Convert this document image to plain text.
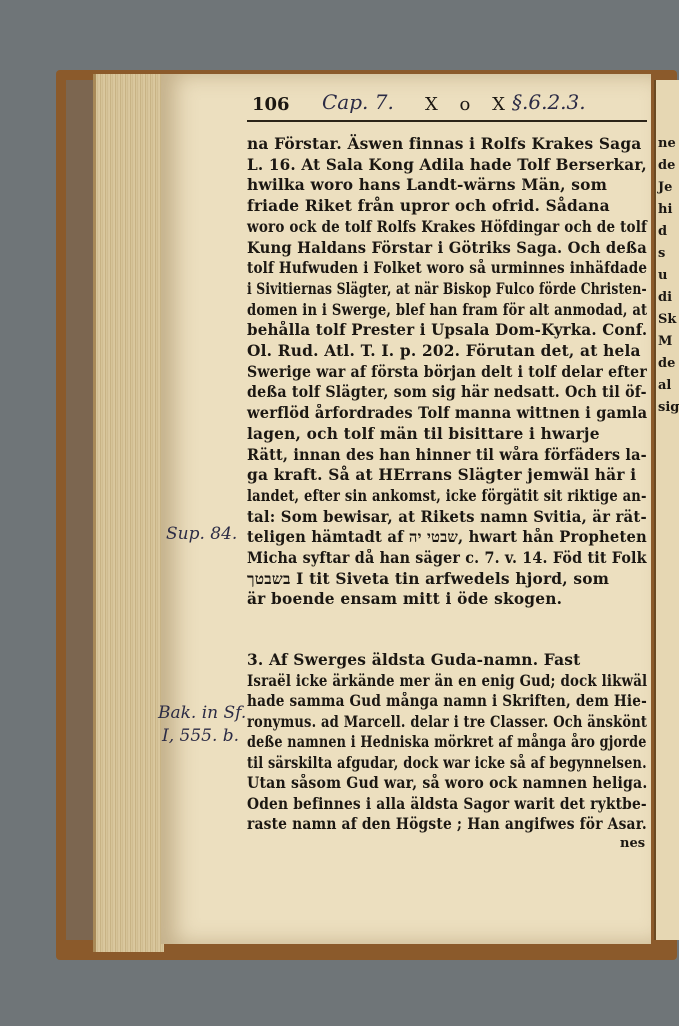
ne
de
Je
hi
d
s
u
di
Sk
M
de
al
sig
106 Cap. 7. X o X §.6.2.3.
na Förstar. Äswen finnas i Rolfs Krakes Saga
L. 16. At Sala Kong Adila hade Tolf Berserkar,
hwilka woro hans Landt-wärns Män, som
friade Riket från upror och ofrid. Sådana
woro ock de tolf Rolfs Krakes Höfdingar och de tolf
Kung Haldans Förstar i Götriks Saga. Och deßa
tolf Hufwuden i Folket woro så urminnes inhäfdade
i Sivitiernas Slägter, at när Biskop Fulco förde Christen-
domen in i Swerge, blef han fram för alt anmodad, at
behålla tolf Prester i Upsala Dom-Kyrka. Conf.
Ol. Rud. Atl. T. I. p. 202. Förutan det, at hela
Swerige war af första början delt i tolf delar efter
deßa tolf Slägter, som sig här nedsatt. Och til öf-
werflöd årfordrades Tolf manna wittnen i gamla
lagen, och tolf män til bisittare i hwarje
Rätt, innan des han hinner til wåra förfäders la-
ga kraft. Så at HErrans Slägter jemwäl här i
landet, efter sin ankomst, icke förgätit sit riktige an-
tal: Som bewisar, at Rikets namn Svitia, är rät-
teligen hämtadt af שבטי יה, hwart hån Propheten
Micha syftar då han säger c. 7. v. 14. Föd tit Folk
בשבטך I tit Siveta tin arfwedels hjord, som
är boende ensam mitt i öde skogen.
3. Af Swerges äldsta Guda-namn. Fast
Israël icke ärkände mer än en enig Gud; dock likwäl
hade samma Gud många namn i Skriften, dem Hie-
ronymus. ad Marcell. delar i tre Classer. Och änskönt
deße namnen i Hedniska mörkret af många åro gjorde
til särskilta afgudar, dock war icke så af begynnelsen.
Utan såsom Gud war, så woro ock namnen heliga.
Oden befinnes i alla äldsta Sagor warit det ryktbe-
raste namn af den Högste ; Han angifwes för Asar.
Sup. 84.
Bak. in Sf.
I, 555. b.
nes
